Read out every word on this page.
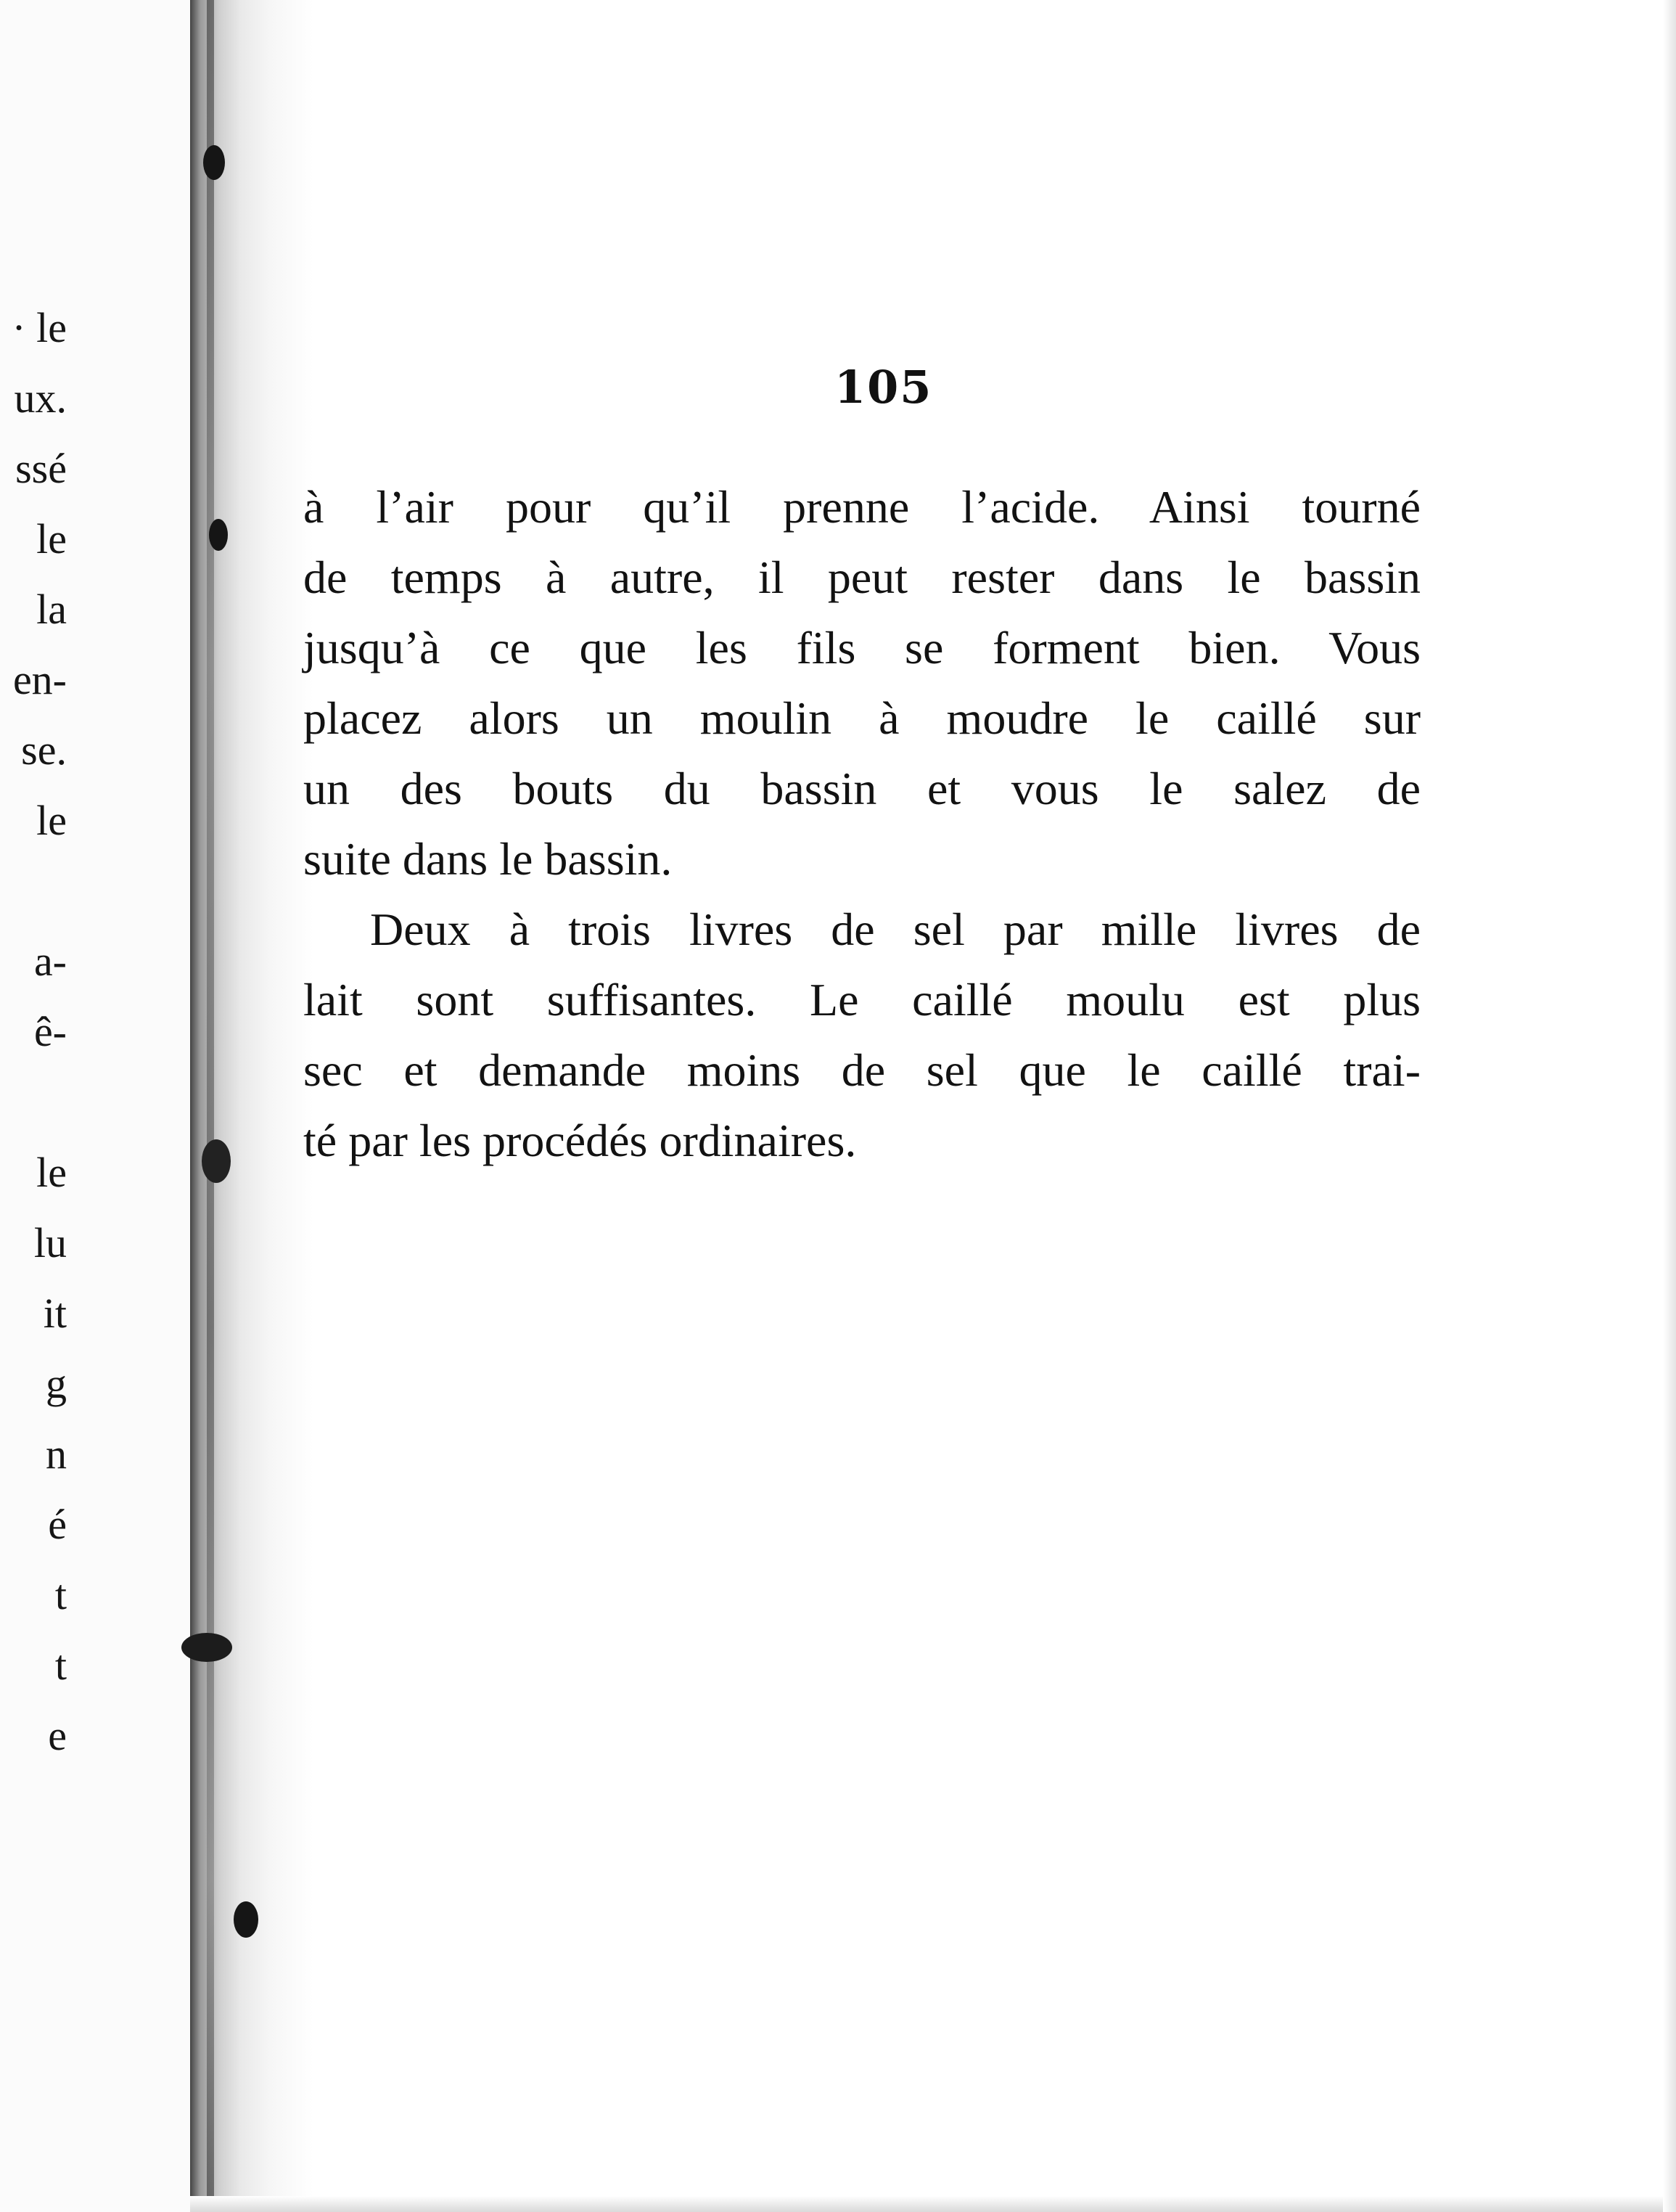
· le
ux.
ssé
le
la
en-
se.
le
a-
ê-
le
lu
it
g
n
é
t
t
e
105
à l’air pour qu’il prenne l’acide. Ainsi tourné
de temps à autre, il peut rester dans le bassin
jusqu’à ce que les fils se forment bien. Vous
placez alors un moulin à moudre le caillé sur
un des bouts du bassin et vous le salez de
suite dans le bassin.
Deux à trois livres de sel par mille livres de
lait sont suffisantes. Le caillé moulu est plus
sec et demande moins de sel que le caillé trai-
té par les procédés ordinaires.
